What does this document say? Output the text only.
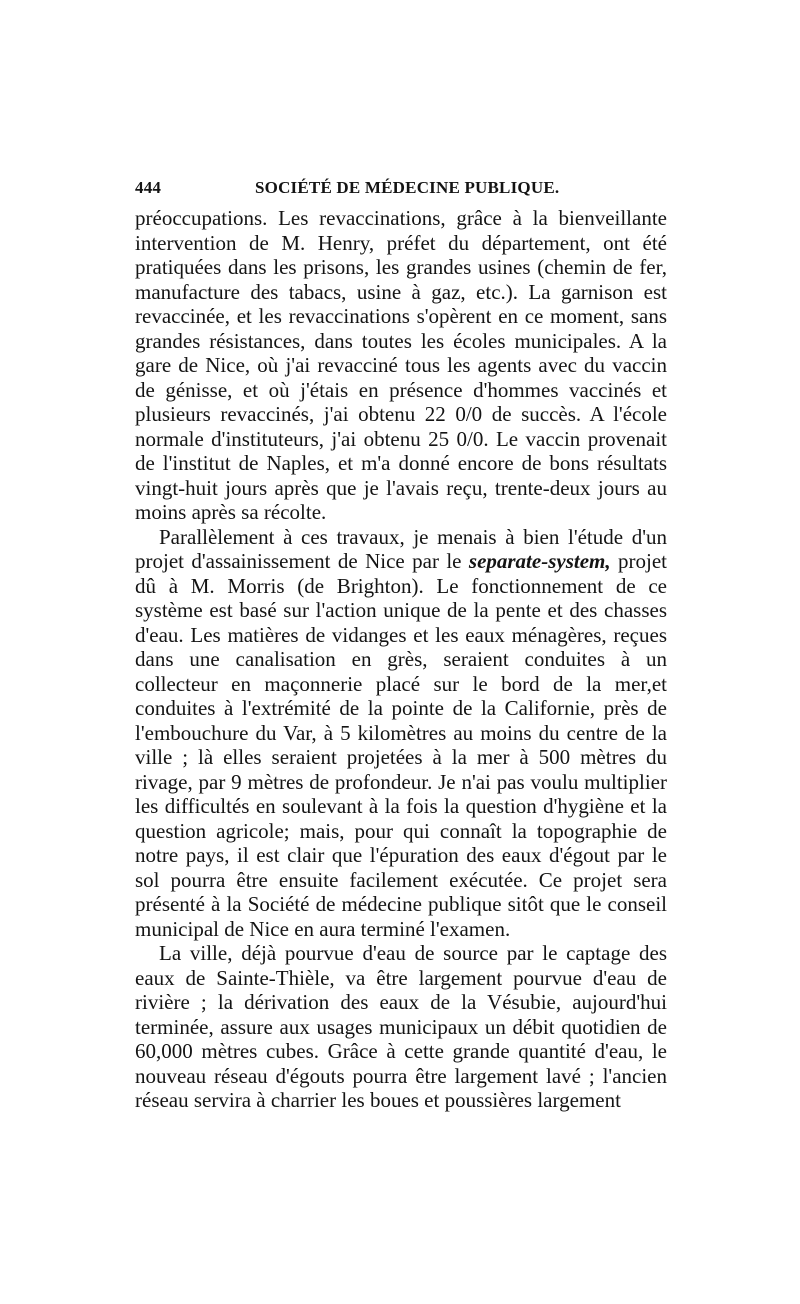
444	SOCIÉTÉ DE MÉDECINE PUBLIQUE.

préoccupations. Les revaccinations, grâce à la bienveillante intervention de M. Henry, préfet du département, ont été pratiquées dans les prisons, les grandes usines (chemin de fer, manufacture des tabacs, usine à gaz, etc.). La garnison est revaccinée, et les revaccinations s'opèrent en ce moment, sans grandes résistances, dans toutes les écoles municipales. A la gare de Nice, où j'ai revacciné tous les agents avec du vaccin de génisse, et où j'étais en présence d'hommes vaccinés et plusieurs revaccinés, j'ai obtenu 22 0/0 de succès. A l'école normale d'instituteurs, j'ai obtenu 25 0/0. Le vaccin provenait de l'institut de Naples, et m'a donné encore de bons résultats vingt-huit jours après que je l'avais reçu, trente-deux jours au moins après sa récolte.

Parallèlement à ces travaux, je menais à bien l'étude d'un projet d'assainissement de Nice par le separate-system, projet dû à M. Morris (de Brighton). Le fonctionnement de ce système est basé sur l'action unique de la pente et des chasses d'eau. Les matières de vidanges et les eaux ménagères, reçues dans une canalisation en grès, seraient conduites à un collecteur en maçonnerie placé sur le bord de la mer,et conduites à l'extrémité de la pointe de la Californie, près de l'embouchure du Var, à 5 kilomètres au moins du centre de la ville ; là elles seraient projetées à la mer à 500 mètres du rivage, par 9 mètres de profondeur. Je n'ai pas voulu multiplier les difficultés en soulevant à la fois la question d'hygiène et la question agricole; mais, pour qui connaît la topographie de notre pays, il est clair que l'épuration des eaux d'égout par le sol pourra être ensuite facilement exécutée. Ce projet sera présenté à la Société de médecine publique sitôt que le conseil municipal de Nice en aura terminé l'examen.

La ville, déjà pourvue d'eau de source par le captage des eaux de Sainte-Thièle, va être largement pourvue d'eau de rivière ; la dérivation des eaux de la Vésubie, aujourd'hui terminée, assure aux usages municipaux un débit quotidien de 60,000 mètres cubes. Grâce à cette grande quantité d'eau, le nouveau réseau d'égouts pourra être largement lavé ; l'ancien réseau servira à charrier les boues et poussières largement
